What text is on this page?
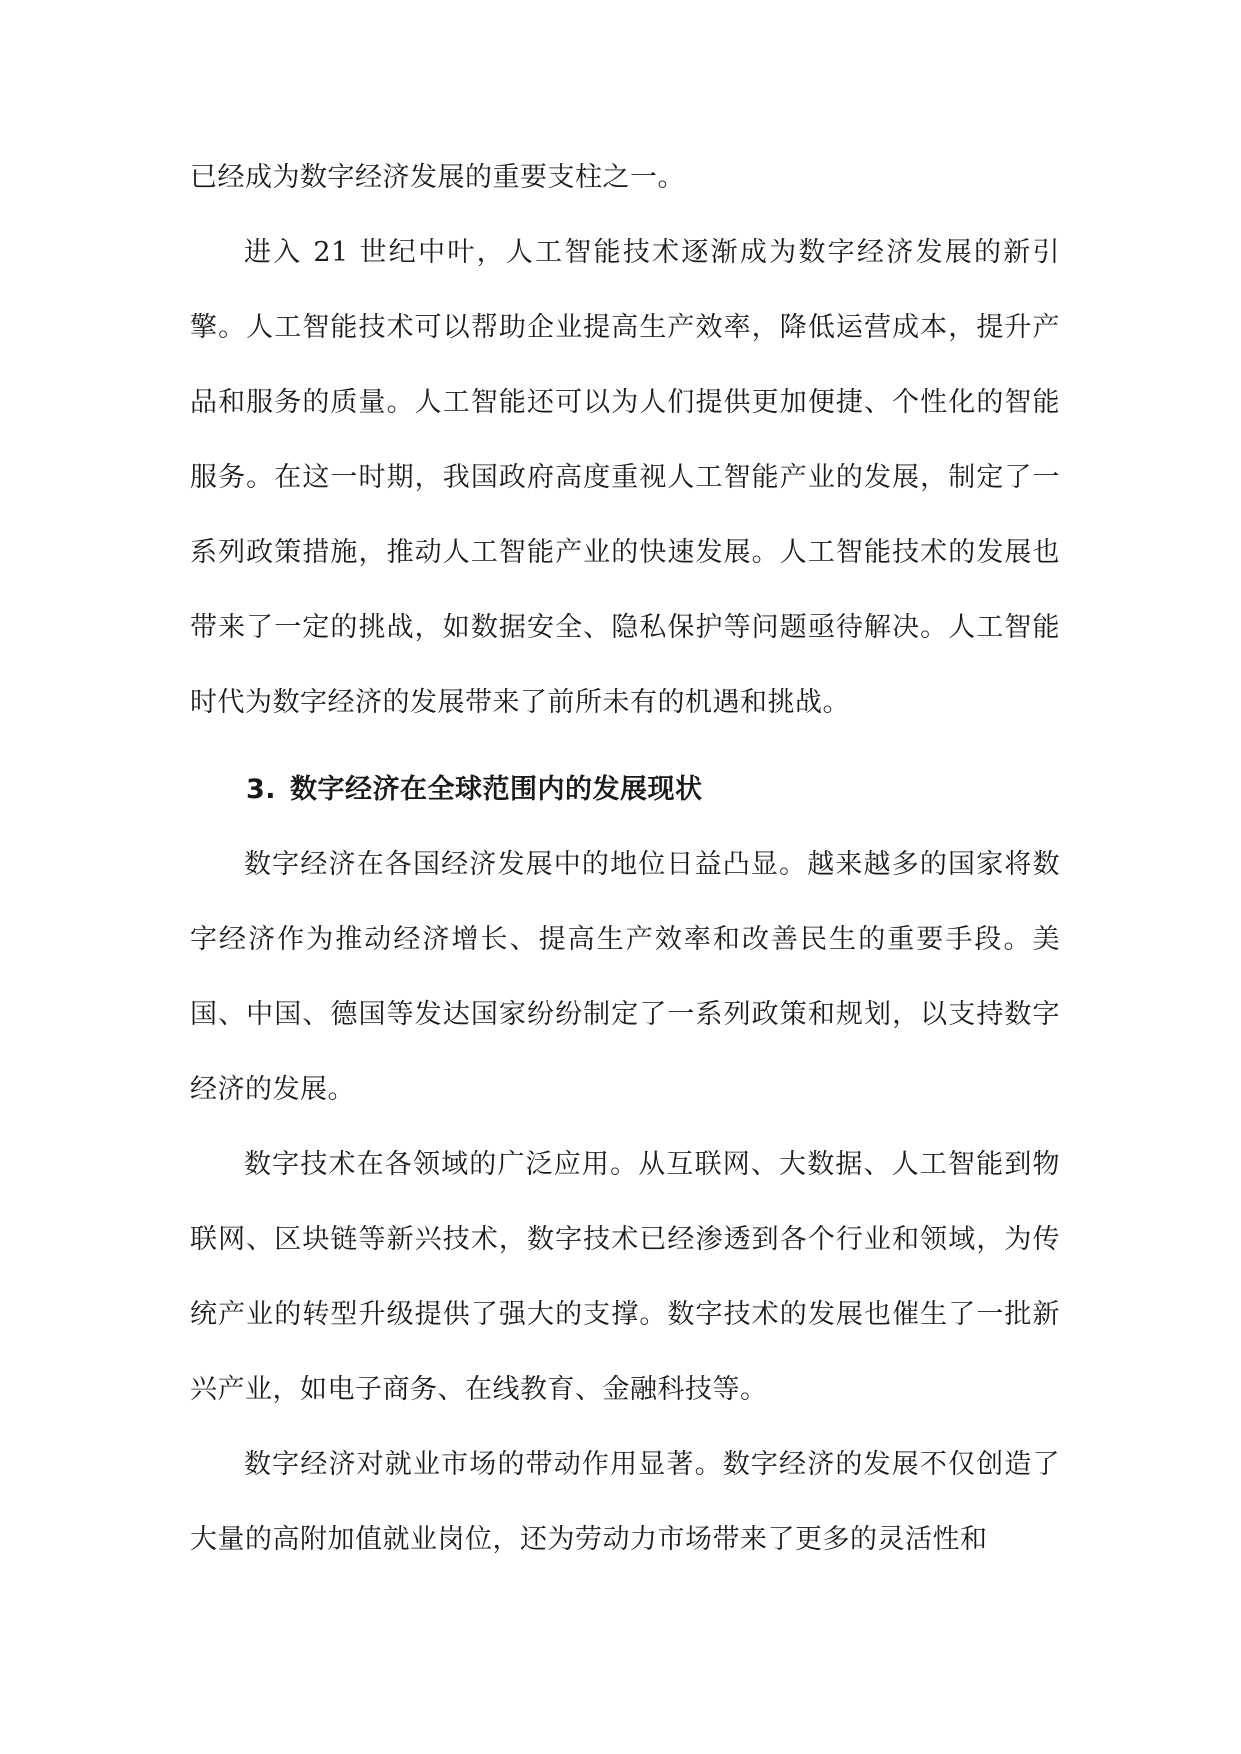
已经成为数字经济发展的重要支柱之一。

进入 21 世纪中叶，人工智能技术逐渐成为数字经济发展的新引擎。人工智能技术可以帮助企业提高生产效率，降低运营成本，提升产品和服务的质量。人工智能还可以为人们提供更加便捷、个性化的智能服务。在这一时期，我国政府高度重视人工智能产业的发展，制定了一系列政策措施，推动人工智能产业的快速发展。人工智能技术的发展也带来了一定的挑战，如数据安全、隐私保护等问题亟待解决。人工智能时代为数字经济的发展带来了前所未有的机遇和挑战。

3. 数字经济在全球范围内的发展现状

数字经济在各国经济发展中的地位日益凸显。越来越多的国家将数字经济作为推动经济增长、提高生产效率和改善民生的重要手段。美国、中国、德国等发达国家纷纷制定了一系列政策和规划，以支持数字经济的发展。

数字技术在各领域的广泛应用。从互联网、大数据、人工智能到物联网、区块链等新兴技术，数字技术已经渗透到各个行业和领域，为传统产业的转型升级提供了强大的支撑。数字技术的发展也催生了一批新兴产业，如电子商务、在线教育、金融科技等。

数字经济对就业市场的带动作用显著。数字经济的发展不仅创造了大量的高附加值就业岗位，还为劳动力市场带来了更多的灵活性和
